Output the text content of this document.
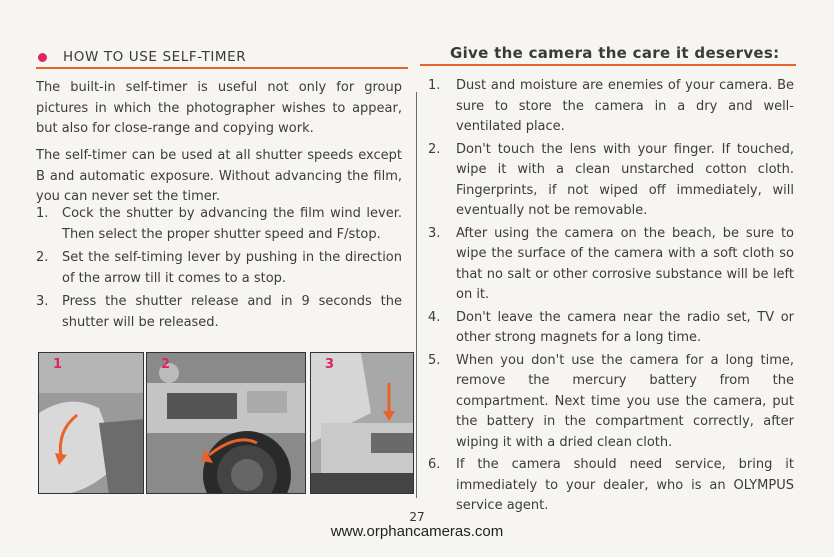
HOW TO USE SELF-TIMER

The built-in self-timer is useful not only for group pictures in which the photographer wishes to appear, but also for close-range and copying work.

The self-timer can be used at all shutter speeds except B and automatic exposure. Without advancing the film, you can never set the timer.

1.	Cock the shutter by advancing the film wind lever. Then select the proper shutter speed and F/stop.
2.	Set the self-timing lever by pushing in the direction of the arrow till it comes to a stop.
3.	Press the shutter release and in 9 seconds the shutter will be released.
1	2	3
Give the camera the care it deserves:
1.	Dust and moisture are enemies of your camera. Be sure to store the camera in a dry and well-ventilated place.
2.	Don't touch the lens with your finger. If touched, wipe it with a clean unstarched cotton cloth. Fingerprints, if not wiped off immediately, will eventually not be removable.
3.	After using the camera on the beach, be sure to wipe the surface of the camera with a soft cloth so that no salt or other corrosive substance will be left on it.
4.	Don't leave the camera near the radio set, TV or other strong magnets for a long time.
5.	When you don't use the camera for a long time, remove the mercury battery from the compartment. Next time you use the camera, put the battery in the compartment correctly, after wiping it with a dried clean cloth.
6.	If the camera should need service, bring it immediately to your dealer, who is an OLYMPUS service agent.
27
www.orphancameras.com
